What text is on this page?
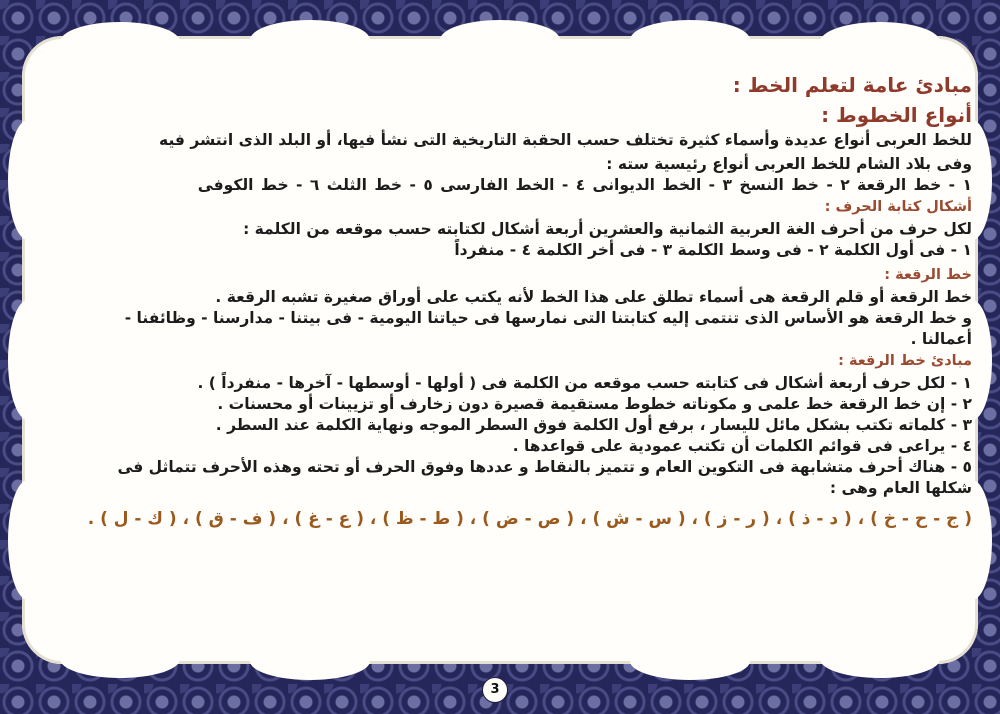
مبادئ عامة لتعلم الخط :
أنواع الخطوط :
للخط العربى أنواع عديدة وأسماء كثيرة تختلف حسب الحقبة التاريخية التى نشأ فيها، أو البلد الذى انتشر فيه
وفى بلاد الشام للخط العربى أنواع رئيسية سته :
١ - خط الرقعة ٢ - خط النسخ ٣ - الخط الديوانى ٤ - الخط الفارسى ٥ - خط الثلث ٦ - خط الكوفى
أشكال كتابة الحرف :
لكل حرف من أحرف الغة العربية الثمانية والعشرين أربعة أشكال لكتابته حسب موقعه من الكلمة :
١ - فى أول الكلمة ٢ - فى وسط الكلمة ٣ - فى أخر الكلمة ٤ - منفرداً
خط الرقعة :
خط الرقعة أو قلم الرقعة هى أسماء تطلق على هذا الخط لأنه يكتب على أوراق صغيرة تشبه الرقعة .
و خط الرقعة هو الأساس الذى تنتمى إليه كتابتنا التى نمارسها فى حياتنا اليومية - فى بيتنا - مدارسنا - وظائفنا -
أعمالنا .
مبادئ خط الرقعة :
١ - لكل حرف أربعة أشكال فى كتابته حسب موقعه من الكلمة فى ( أولها - أوسطها - آخرها - منفرداً ) .
٢ - إن خط الرقعة خط علمى و مكوناته خطوط مستقيمة قصيرة دون زخارف أو تزيينات أو محسنات .
٣ - كلماته تكتب بشكل مائل لليسار ، برفع أول الكلمة فوق السطر الموجه ونهاية الكلمة عند السطر .
٤ - يراعى فى قوائم الكلمات أن تكتب عمودية على قواعدها .
٥ - هناك أحرف متشابهة فى التكوين العام و تتميز بالنقاط و عددها وفوق الحرف أو تحته وهذه الأحرف تتماثل فى
شكلها العام وهى :
( ج - ح - خ ) ، ( د - ذ ) ، ( ر - ز ) ، ( س - ش ) ، ( ص - ض ) ، ( ط - ظ ) ، ( ع - غ ) ، ( ف - ق ) ، ( ك - ل ) .
3
